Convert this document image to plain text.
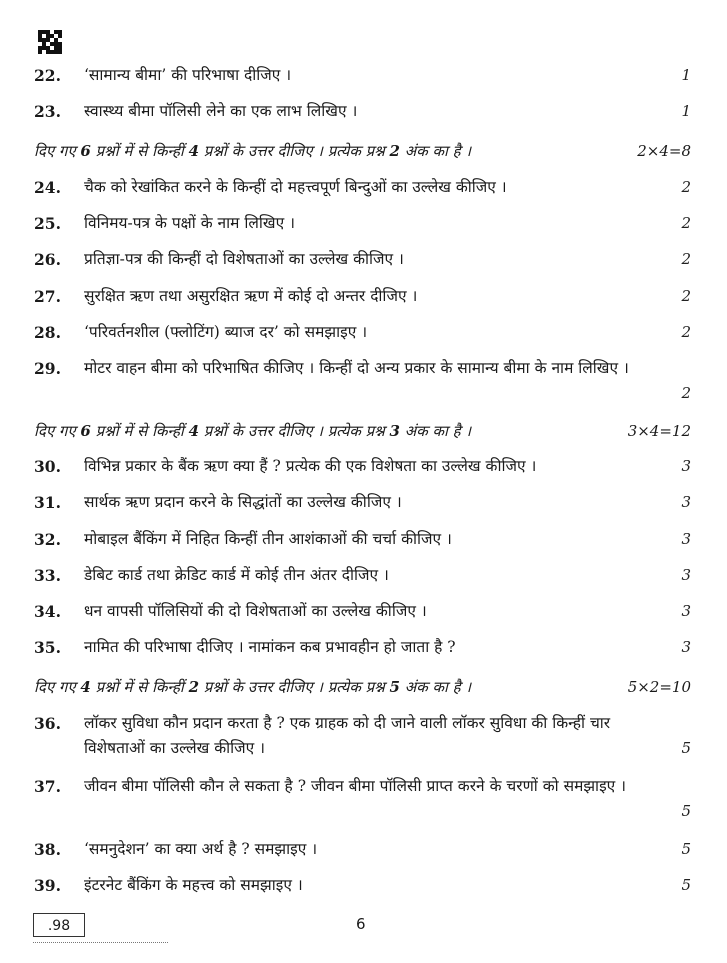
22. ‘सामान्य बीमा’ की परिभाषा दीजिए ।	1
23. स्वास्थ्य बीमा पॉलिसी लेने का एक लाभ लिखिए ।	1
दिए गए 6 प्रश्नों में से किन्हीं 4 प्रश्नों के उत्तर दीजिए । प्रत्येक प्रश्न 2 अंक का है ।	2×4=8
24. चैक को रेखांकित करने के किन्हीं दो महत्त्वपूर्ण बिन्दुओं का उल्लेख कीजिए ।	2
25. विनिमय-पत्र के पक्षों के नाम लिखिए ।	2
26. प्रतिज्ञा-पत्र की किन्हीं दो विशेषताओं का उल्लेख कीजिए ।	2
27. सुरक्षित ऋण तथा असुरक्षित ऋण में कोई दो अन्तर दीजिए ।	2
28. ‘परिवर्तनशील (फ्लोटिंग) ब्याज दर’ को समझाइए ।	2
29. मोटर वाहन बीमा को परिभाषित कीजिए । किन्हीं दो अन्य प्रकार के सामान्य बीमा के नाम लिखिए ।
2
दिए गए 6 प्रश्नों में से किन्हीं 4 प्रश्नों के उत्तर दीजिए । प्रत्येक प्रश्न 3 अंक का है ।	3×4=12
30. विभिन्न प्रकार के बैंक ऋण क्या हैं ? प्रत्येक की एक विशेषता का उल्लेख कीजिए ।	3
31. सार्थक ऋण प्रदान करने के सिद्धांतों का उल्लेख कीजिए ।	3
32. मोबाइल बैंकिंग में निहित किन्हीं तीन आशंकाओं की चर्चा कीजिए ।	3
33. डेबिट कार्ड तथा क्रेडिट कार्ड में कोई तीन अंतर दीजिए ।	3
34. धन वापसी पॉलिसियों की दो विशेषताओं का उल्लेख कीजिए ।	3
35. नामित की परिभाषा दीजिए । नामांकन कब प्रभावहीन हो जाता है ?	3
दिए गए 4 प्रश्नों में से किन्हीं 2 प्रश्नों के उत्तर दीजिए । प्रत्येक प्रश्न 5 अंक का है ।	5×2=10
36. लॉकर सुविधा कौन प्रदान करता है ? एक ग्राहक को दी जाने वाली लॉकर सुविधा की किन्हीं चार विशेषताओं का उल्लेख कीजिए ।	5
37. जीवन बीमा पॉलिसी कौन ले सकता है ? जीवन बीमा पॉलिसी प्राप्त करने के चरणों को समझाइए ।
5
38. ‘समनुदेशन’ का क्या अर्थ है ? समझाइए ।	5
39. इंटरनेट बैंकिंग के महत्त्व को समझाइए ।	5
.98	6
